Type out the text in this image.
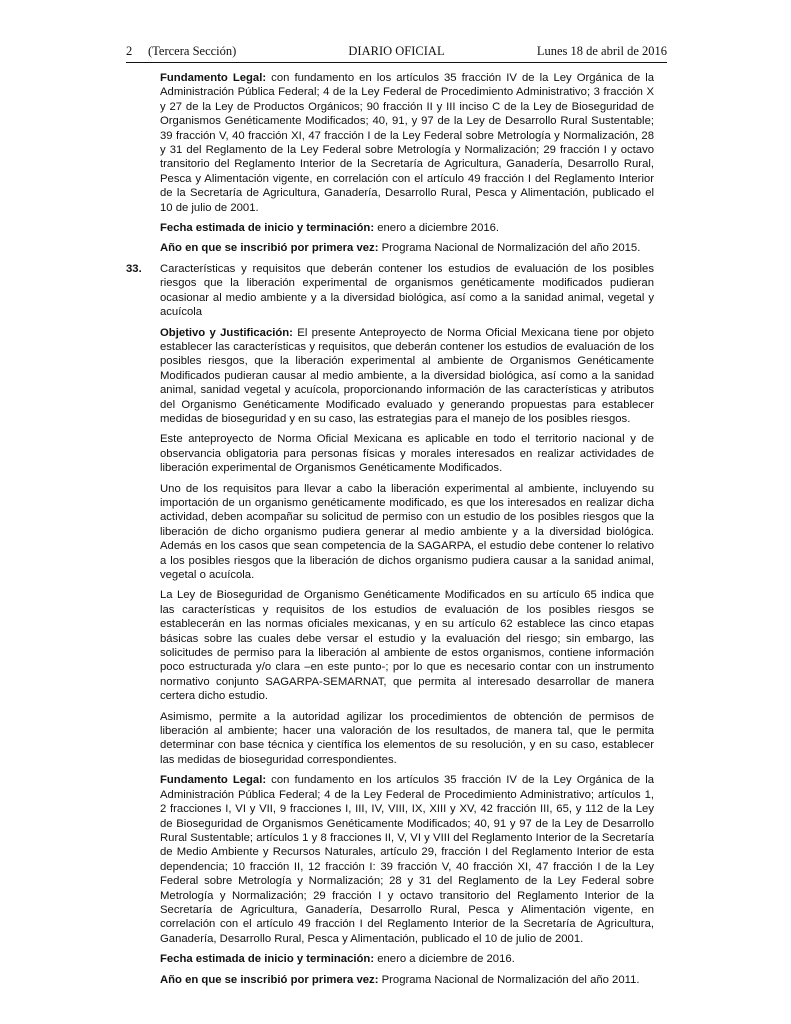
2 (Tercera Sección)	DIARIO OFICIAL	Lunes 18 de abril de 2016

Fundamento Legal: con fundamento en los artículos 35 fracción IV de la Ley Orgánica de la Administración Pública Federal; 4 de la Ley Federal de Procedimiento Administrativo; 3 fracción X y 27 de la Ley de Productos Orgánicos; 90 fracción II y III inciso C de la Ley de Bioseguridad de Organismos Genéticamente Modificados; 40, 91, y 97 de la Ley de Desarrollo Rural Sustentable; 39 fracción V, 40 fracción XI, 47 fracción I de la Ley Federal sobre Metrología y Normalización, 28 y 31 del Reglamento de la Ley Federal sobre Metrología y Normalización; 29 fracción I y octavo transitorio del Reglamento Interior de la Secretaría de Agricultura, Ganadería, Desarrollo Rural, Pesca y Alimentación vigente, en correlación con el artículo 49 fracción I del Reglamento Interior de la Secretaría de Agricultura, Ganadería, Desarrollo Rural, Pesca y Alimentación, publicado el 10 de julio de 2001.

Fecha estimada de inicio y terminación: enero a diciembre 2016.

Año en que se inscribió por primera vez: Programa Nacional de Normalización del año 2015.

33. Características y requisitos que deberán contener los estudios de evaluación de los posibles riesgos que la liberación experimental de organismos genéticamente modificados pudieran ocasionar al medio ambiente y a la diversidad biológica, así como a la sanidad animal, vegetal y acuícola

Objetivo y Justificación: El presente Anteproyecto de Norma Oficial Mexicana tiene por objeto establecer las características y requisitos, que deberán contener los estudios de evaluación de los posibles riesgos, que la liberación experimental al ambiente de Organismos Genéticamente Modificados pudieran causar al medio ambiente, a la diversidad biológica, así como a la sanidad animal, sanidad vegetal y acuícola, proporcionando información de las características y atributos del Organismo Genéticamente Modificado evaluado y generando propuestas para establecer medidas de bioseguridad y en su caso, las estrategias para el manejo de los posibles riesgos.

Este anteproyecto de Norma Oficial Mexicana es aplicable en todo el territorio nacional y de observancia obligatoria para personas físicas y morales interesados en realizar actividades de liberación experimental de Organismos Genéticamente Modificados.

Uno de los requisitos para llevar a cabo la liberación experimental al ambiente, incluyendo su importación de un organismo genéticamente modificado, es que los interesados en realizar dicha actividad, deben acompañar su solicitud de permiso con un estudio de los posibles riesgos que la liberación de dicho organismo pudiera generar al medio ambiente y a la diversidad biológica. Además en los casos que sean competencia de la SAGARPA, el estudio debe contener lo relativo a los posibles riesgos que la liberación de dichos organismo pudiera causar a la sanidad animal, vegetal o acuícola.

La Ley de Bioseguridad de Organismo Genéticamente Modificados en su artículo 65 indica que las características y requisitos de los estudios de evaluación de los posibles riesgos se establecerán en las normas oficiales mexicanas, y en su artículo 62 establece las cinco etapas básicas sobre las cuales debe versar el estudio y la evaluación del riesgo; sin embargo, las solicitudes de permiso para la liberación al ambiente de estos organismos, contiene información poco estructurada y/o clara –en este punto-; por lo que es necesario contar con un instrumento normativo conjunto SAGARPA-SEMARNAT, que permita al interesado desarrollar de manera certera dicho estudio.

Asimismo, permite a la autoridad agilizar los procedimientos de obtención de permisos de liberación al ambiente; hacer una valoración de los resultados, de manera tal, que le permita determinar con base técnica y científica los elementos de su resolución, y en su caso, establecer las medidas de bioseguridad correspondientes.

Fundamento Legal: con fundamento en los artículos 35 fracción IV de la Ley Orgánica de la Administración Pública Federal; 4 de la Ley Federal de Procedimiento Administrativo; artículos 1, 2 fracciones I, VI y VII, 9 fracciones I, III, IV, VIII, IX, XIII y XV, 42 fracción III, 65, y 112 de la Ley de Bioseguridad de Organismos Genéticamente Modificados; 40, 91 y 97 de la Ley de Desarrollo Rural Sustentable; artículos 1 y 8 fracciones II, V, VI y VIII del Reglamento Interior de la Secretaría de Medio Ambiente y Recursos Naturales, artículo 29, fracción I del Reglamento Interior de esta dependencia; 10 fracción II, 12 fracción I: 39 fracción V, 40 fracción XI, 47 fracción I de la Ley Federal sobre Metrología y Normalización; 28 y 31 del Reglamento de la Ley Federal sobre Metrología y Normalización; 29 fracción I y octavo transitorio del Reglamento Interior de la Secretaría de Agricultura, Ganadería, Desarrollo Rural, Pesca y Alimentación vigente, en correlación con el artículo 49 fracción I del Reglamento Interior de la Secretaría de Agricultura, Ganadería, Desarrollo Rural, Pesca y Alimentación, publicado el 10 de julio de 2001.

Fecha estimada de inicio y terminación: enero a diciembre de 2016.

Año en que se inscribió por primera vez: Programa Nacional de Normalización del año 2011.
